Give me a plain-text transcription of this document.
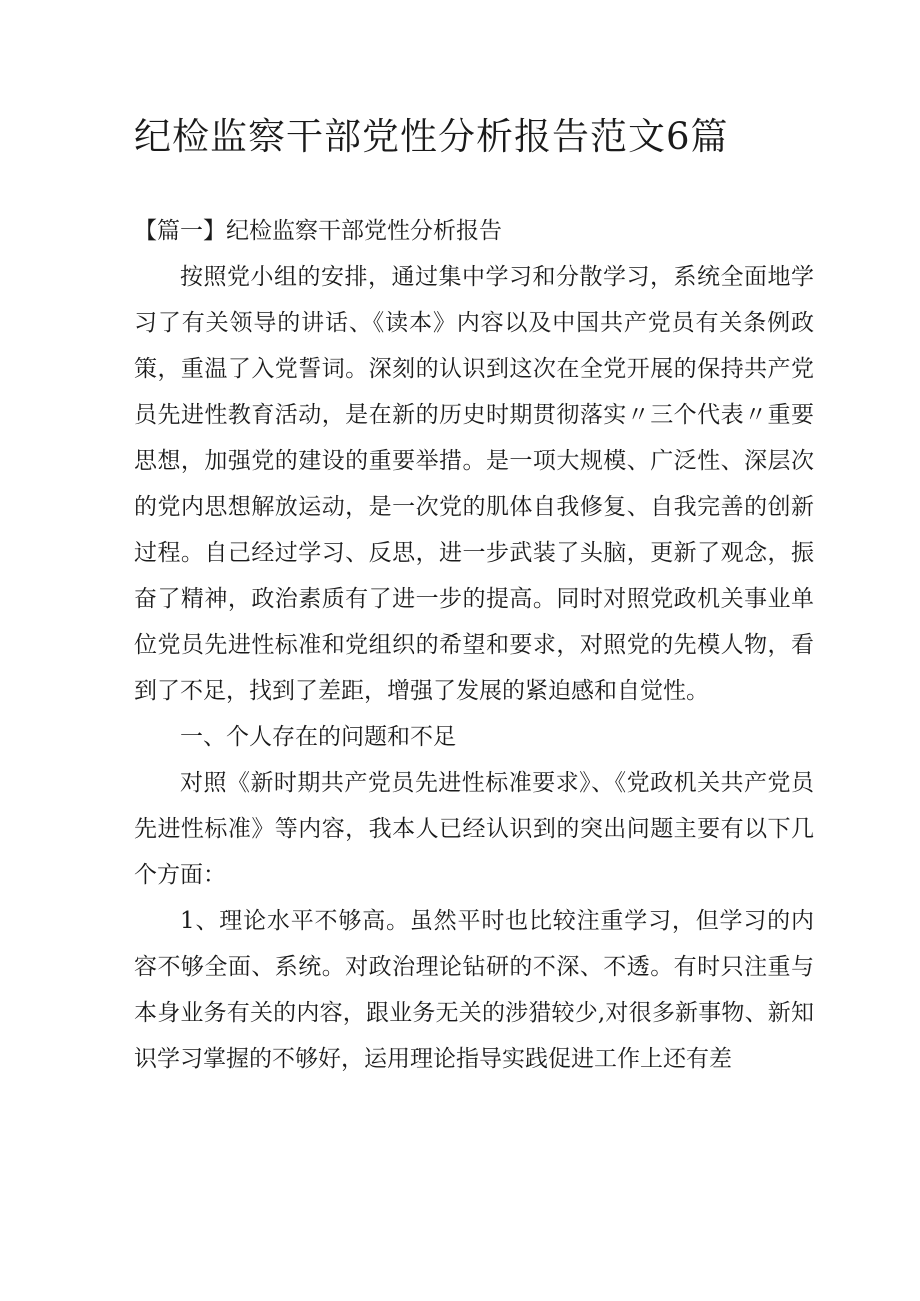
纪检监察干部党性分析报告范文6篇

【篇一】纪检监察干部党性分析报告

按照党小组的安排，通过集中学习和分散学习，系统全面地学习了有关领导的讲话、《读本》内容以及中国共产党员有关条例政策，重温了入党誓词。深刻的认识到这次在全党开展的保持共产党员先进性教育活动，是在新的历史时期贯彻落实〃三个代表〃重要思想，加强党的建设的重要举措。是一项大规模、广泛性、深层次的党内思想解放运动，是一次党的肌体自我修复、自我完善的创新过程。自己经过学习、反思，进一步武装了头脑，更新了观念，振奋了精神，政治素质有了进一步的提高。同时对照党政机关事业单位党员先进性标准和党组织的希望和要求，对照党的先模人物，看到了不足，找到了差距，增强了发展的紧迫感和自觉性。

一、个人存在的问题和不足

对照《新时期共产党员先进性标准要求》、《党政机关共产党员先进性标准》等内容，我本人已经认识到的突出问题主要有以下几个方面：

1、理论水平不够高。虽然平时也比较注重学习，但学习的内容不够全面、系统。对政治理论钻研的不深、不透。有时只注重与本身业务有关的内容，跟业务无关的涉猎较少,对很多新事物、新知识学习掌握的不够好，运用理论指导实践促进工作上还有差
